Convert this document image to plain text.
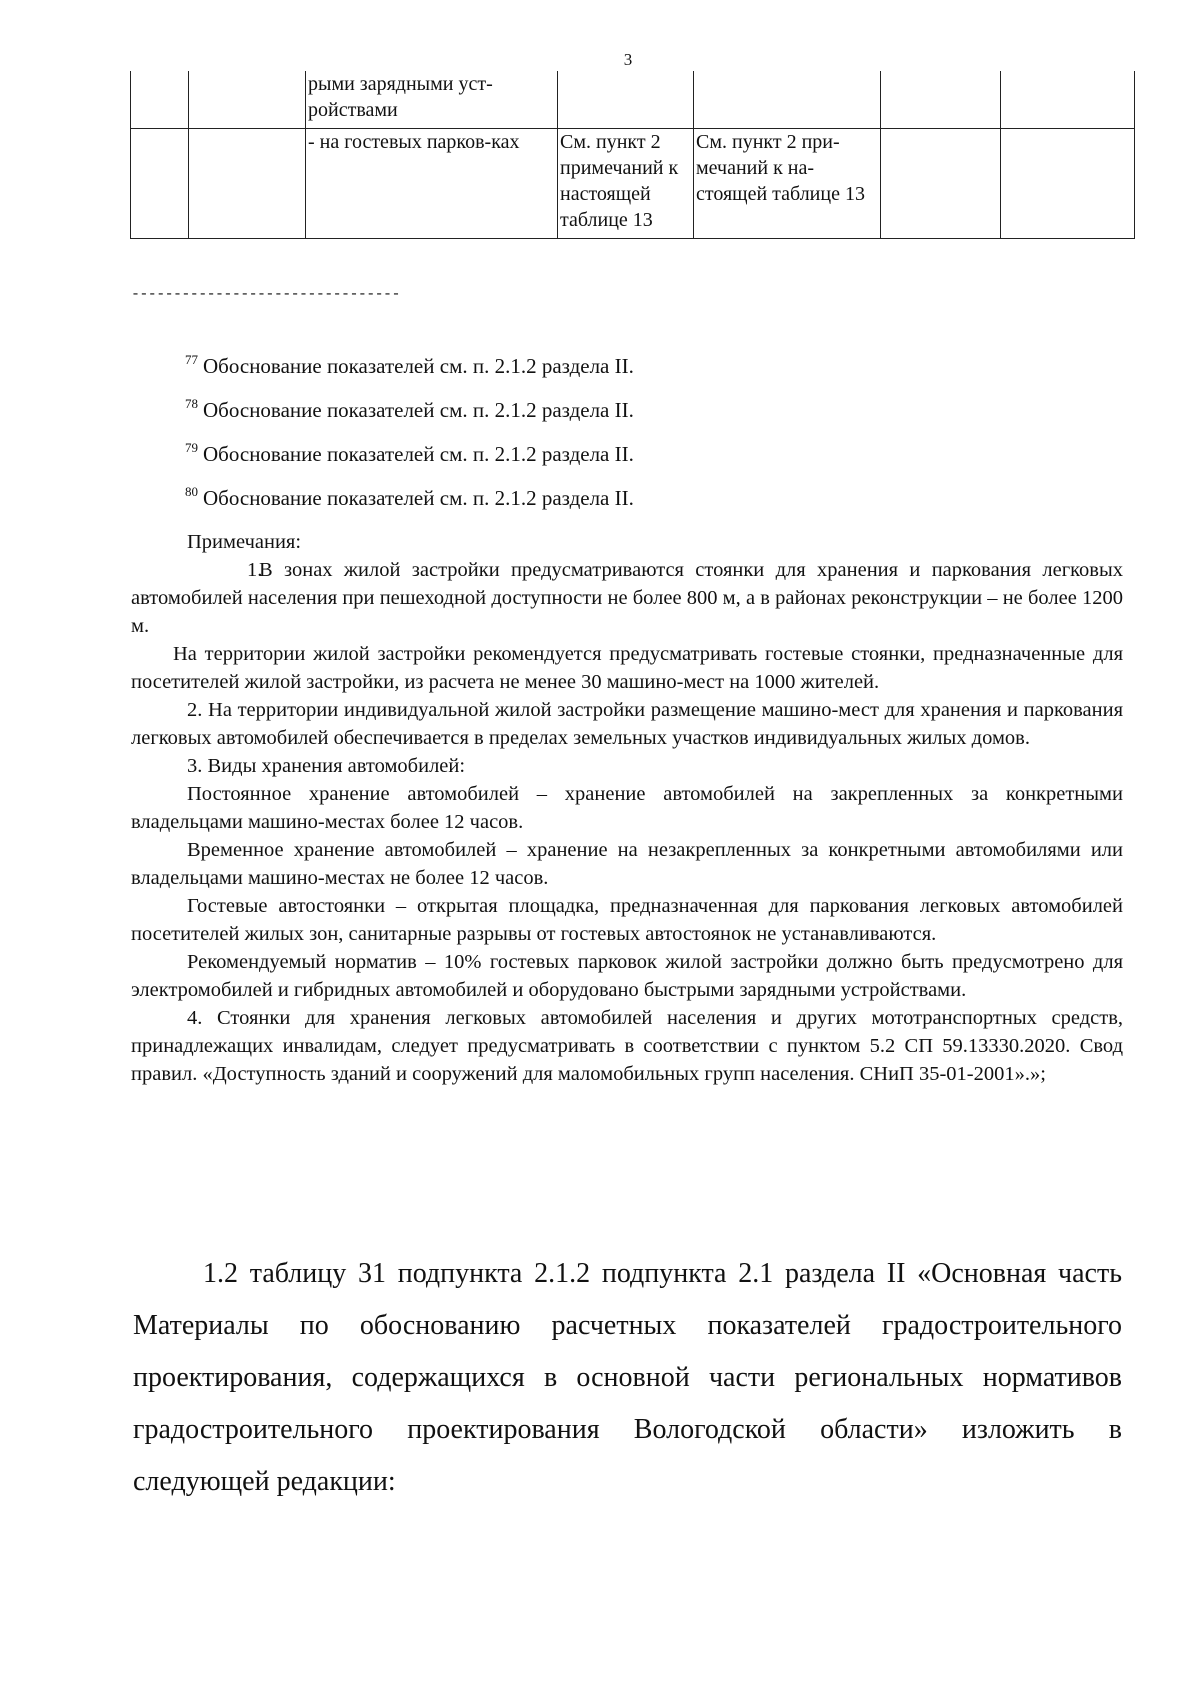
3
		рыми зарядными уст-ройствами				
		- на гостевых парков-ках	См. пункт 2 примечаний к настоящей таблице 13	См. пункт 2 при-мечаний к на-стоящей таблице 13		
--------------------------------
$^{77}$ Обоснование показателей см. п. 2.1.2 раздела II.
$^{78}$ Обоснование показателей см. п. 2.1.2 раздела II.
$^{79}$ Обоснование показателей см. п. 2.1.2 раздела II.
$^{80}$ Обоснование показателей см. п. 2.1.2 раздела II.

Примечания:

1.В зонах жилой застройки предусматриваются стоянки для хранения и паркования легковых автомобилей населения при пешеходной доступности не более 800 м, а в районах реконструкции – не более 1200 м.

На территории жилой застройки рекомендуется предусматривать гостевые стоянки, предназначенные для посетителей жилой застройки, из расчета не менее 30 машино-мест на 1000 жителей.

2. На территории индивидуальной жилой застройки размещение машино-мест для хранения и паркования легковых автомобилей обеспечивается в пределах земельных участков индивидуальных жилых домов.

3. Виды хранения автомобилей:

Постоянное хранение автомобилей – хранение автомобилей на закрепленных за конкретными владельцами машино-местах более 12 часов.

Временное хранение автомобилей – хранение на незакрепленных за конкретными автомобилями или владельцами машино-местах не более 12 часов.

Гостевые автостоянки – открытая площадка, предназначенная для паркования легковых автомобилей посетителей жилых зон, санитарные разрывы от гостевых автостоянок не устанавливаются.

Рекомендуемый норматив – 10% гостевых парковок жилой застройки должно быть предусмотрено для электромобилей и гибридных автомобилей и оборудовано быстрыми зарядными устройствами.

4. Стоянки для хранения легковых автомобилей населения и других мототранспортных средств, принадлежащих инвалидам, следует предусматривать в соответствии с пунктом 5.2 СП 59.13330.2020. Свод правил. «Доступность зданий и сооружений для маломобильных групп населения. СНиП 35-01-2001».»;

1.2 таблицу 31 подпункта 2.1.2 подпункта 2.1 раздела II «Основная часть Материалы по обоснованию расчетных показателей градостроительного проектирования, содержащихся в основной части региональных нормативов градостроительного проектирования Вологодской области» изложить в следующей редакции:
